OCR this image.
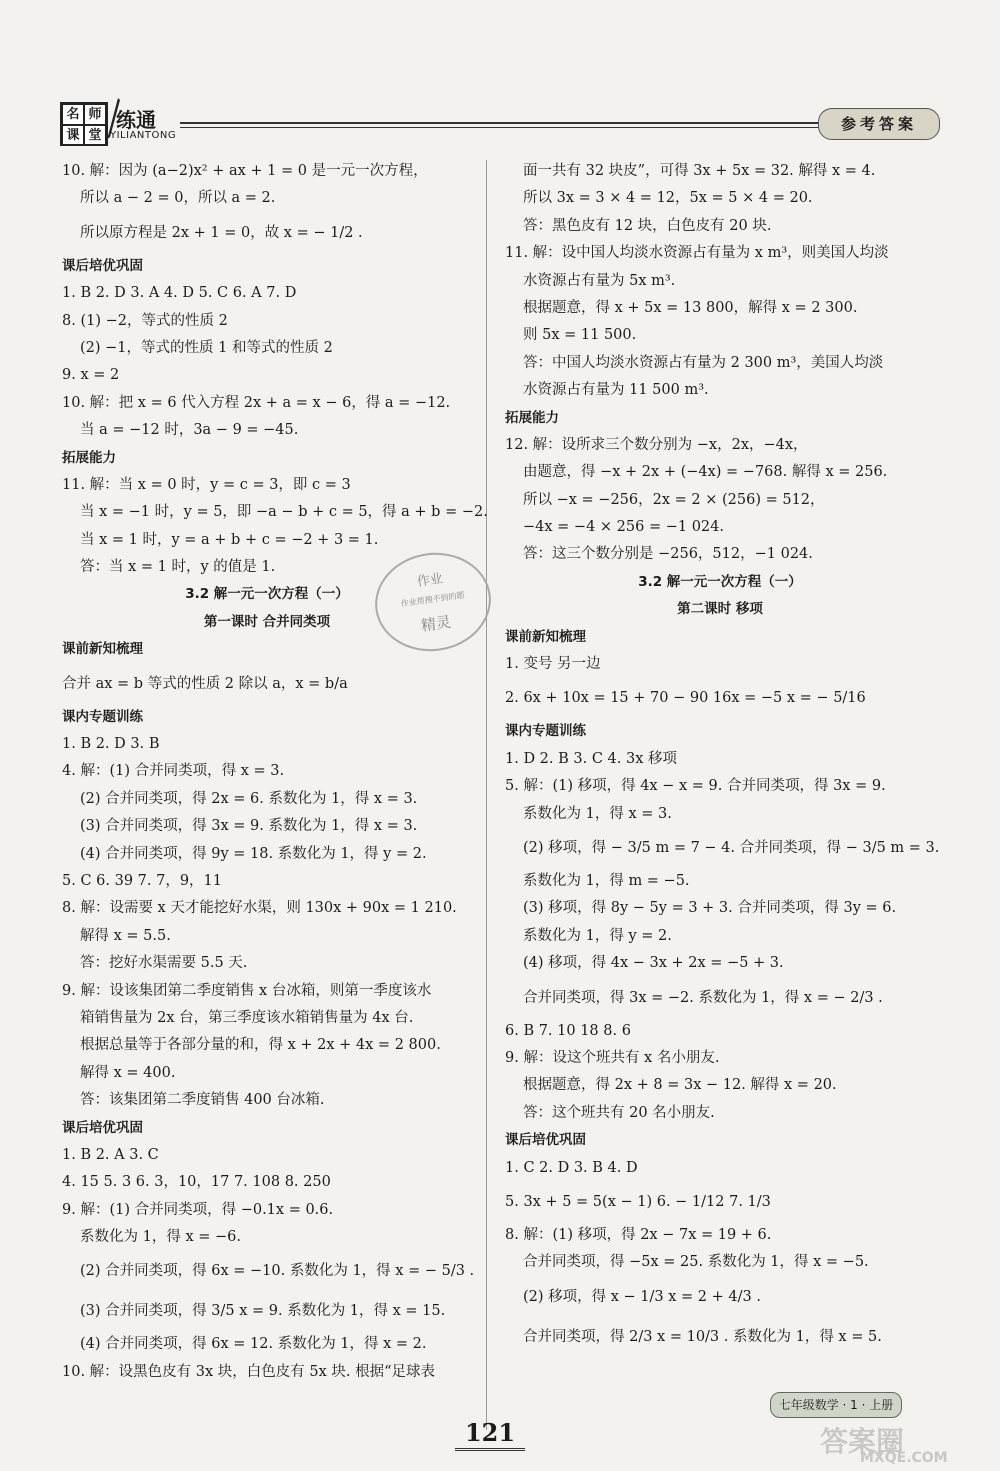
名 师
课 堂
练通
YILIANTONG
参考答案
10. 解：因为 (a−2)x² + ax + 1 = 0 是一元一次方程，
所以 a − 2 = 0，所以 a = 2.
所以原方程是 2x + 1 = 0，故 x = − 1/2 .
课后培优巩固
1. B 2. D 3. A 4. D 5. C 6. A 7. D
8. (1) −2，等式的性质 2
(2) −1，等式的性质 1 和等式的性质 2
9. x = 2
10. 解：把 x = 6 代入方程 2x + a = x − 6，得 a = −12.
当 a = −12 时，3a − 9 = −45.
拓展能力
11. 解：当 x = 0 时，y = c = 3，即 c = 3
当 x = −1 时，y = 5，即 −a − b + c = 5，得 a + b = −2.
当 x = 1 时，y = a + b + c = −2 + 3 = 1.
答：当 x = 1 时，y 的值是 1.
3.2 解一元一次方程（一）
第一课时 合并同类项
课前新知梳理
合并 ax = b 等式的性质 2 除以 a，x = b/a
课内专题训练
1. B 2. D 3. B
4. 解：(1) 合并同类项，得 x = 3.
(2) 合并同类项，得 2x = 6. 系数化为 1，得 x = 3.
(3) 合并同类项，得 3x = 9. 系数化为 1，得 x = 3.
(4) 合并同类项，得 9y = 18. 系数化为 1，得 y = 2.
5. C 6. 39 7. 7，9，11
8. 解：设需要 x 天才能挖好水渠，则 130x + 90x = 1 210.
解得 x = 5.5.
答：挖好水渠需要 5.5 天.
9. 解：设该集团第二季度销售 x 台冰箱，则第一季度该水
箱销售量为 2x 台，第三季度该水箱销售量为 4x 台.
根据总量等于各部分量的和，得 x + 2x + 4x = 2 800.
解得 x = 400.
答：该集团第二季度销售 400 台冰箱.
课后培优巩固
1. B 2. A 3. C
4. 15 5. 3 6. 3，10，17 7. 108 8. 250
9. 解：(1) 合并同类项，得 −0.1x = 0.6.
系数化为 1，得 x = −6.
(2) 合并同类项，得 6x = −10. 系数化为 1，得 x = − 5/3 .
(3) 合并同类项，得 3/5 x = 9. 系数化为 1，得 x = 15.
(4) 合并同类项，得 6x = 12. 系数化为 1，得 x = 2.
10. 解：设黑色皮有 3x 块，白色皮有 5x 块. 根据“足球表
面一共有 32 块皮”，可得 3x + 5x = 32. 解得 x = 4.
所以 3x = 3 × 4 = 12，5x = 5 × 4 = 20.
答：黑色皮有 12 块，白色皮有 20 块.
11. 解：设中国人均淡水资源占有量为 x m³，则美国人均淡
水资源占有量为 5x m³.
根据题意，得 x + 5x = 13 800，解得 x = 2 300.
则 5x = 11 500.
答：中国人均淡水资源占有量为 2 300 m³，美国人均淡
水资源占有量为 11 500 m³.
拓展能力
12. 解：设所求三个数分别为 −x，2x，−4x，
由题意，得 −x + 2x + (−4x) = −768. 解得 x = 256.
所以 −x = −256，2x = 2 × (256) = 512，
−4x = −4 × 256 = −1 024.
答：这三个数分别是 −256，512，−1 024.
3.2 解一元一次方程（一）
第二课时 移项
课前新知梳理
1. 变号 另一边
2. 6x + 10x = 15 + 70 − 90 16x = −5 x = − 5/16
课内专题训练
1. D 2. B 3. C 4. 3x 移项
5. 解：(1) 移项，得 4x − x = 9. 合并同类项，得 3x = 9.
系数化为 1，得 x = 3.
(2) 移项，得 − 3/5 m = 7 − 4. 合并同类项，得 − 3/5 m = 3.
系数化为 1，得 m = −5.
(3) 移项，得 8y − 5y = 3 + 3. 合并同类项，得 3y = 6.
系数化为 1，得 y = 2.
(4) 移项，得 4x − 3x + 2x = −5 + 3.
合并同类项，得 3x = −2. 系数化为 1，得 x = − 2/3 .
6. B 7. 10 18 8. 6
9. 解：设这个班共有 x 名小朋友.
根据题意，得 2x + 8 = 3x − 12. 解得 x = 20.
答：这个班共有 20 名小朋友.
课后培优巩固
1. C 2. D 3. B 4. D
5. 3x + 5 = 5(x − 1) 6. − 1/12 7. 1/3
8. 解：(1) 移项，得 2x − 7x = 19 + 6.
合并同类项，得 −5x = 25. 系数化为 1，得 x = −5.
(2) 移项，得 x − 1/3 x = 2 + 4/3 .
合并同类项，得 2/3 x = 10/3 . 系数化为 1，得 x = 5.
作业
作业帮搜不到的题
精灵
七年级数学 · 1 · 上册
121	答案圈
MXQE.COM
